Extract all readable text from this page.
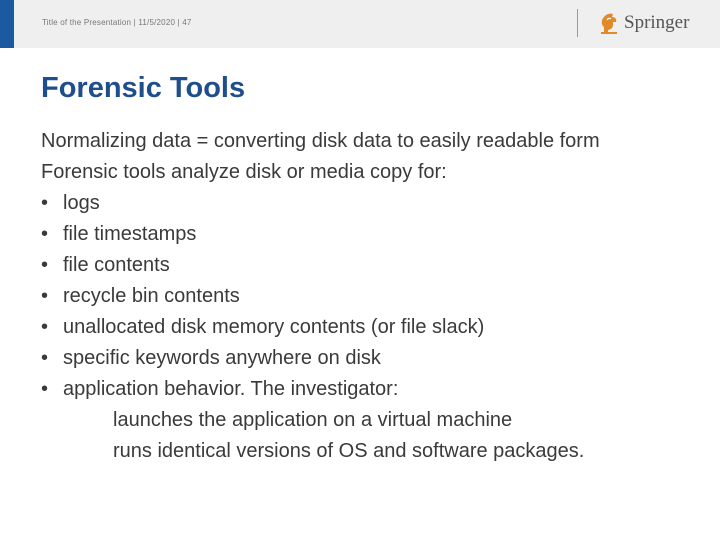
Title of the Presentation | 11/5/2020 | 47	Springer
Forensic Tools
Normalizing data = converting disk data to easily readable form
Forensic tools analyze disk or media copy for:
• logs
• file timestamps
• file contents
• recycle bin contents
• unallocated disk memory contents (or file slack)
• specific keywords anywhere on disk
• application behavior. The investigator:
launches the application on a virtual machine
runs identical versions of OS and software packages.
